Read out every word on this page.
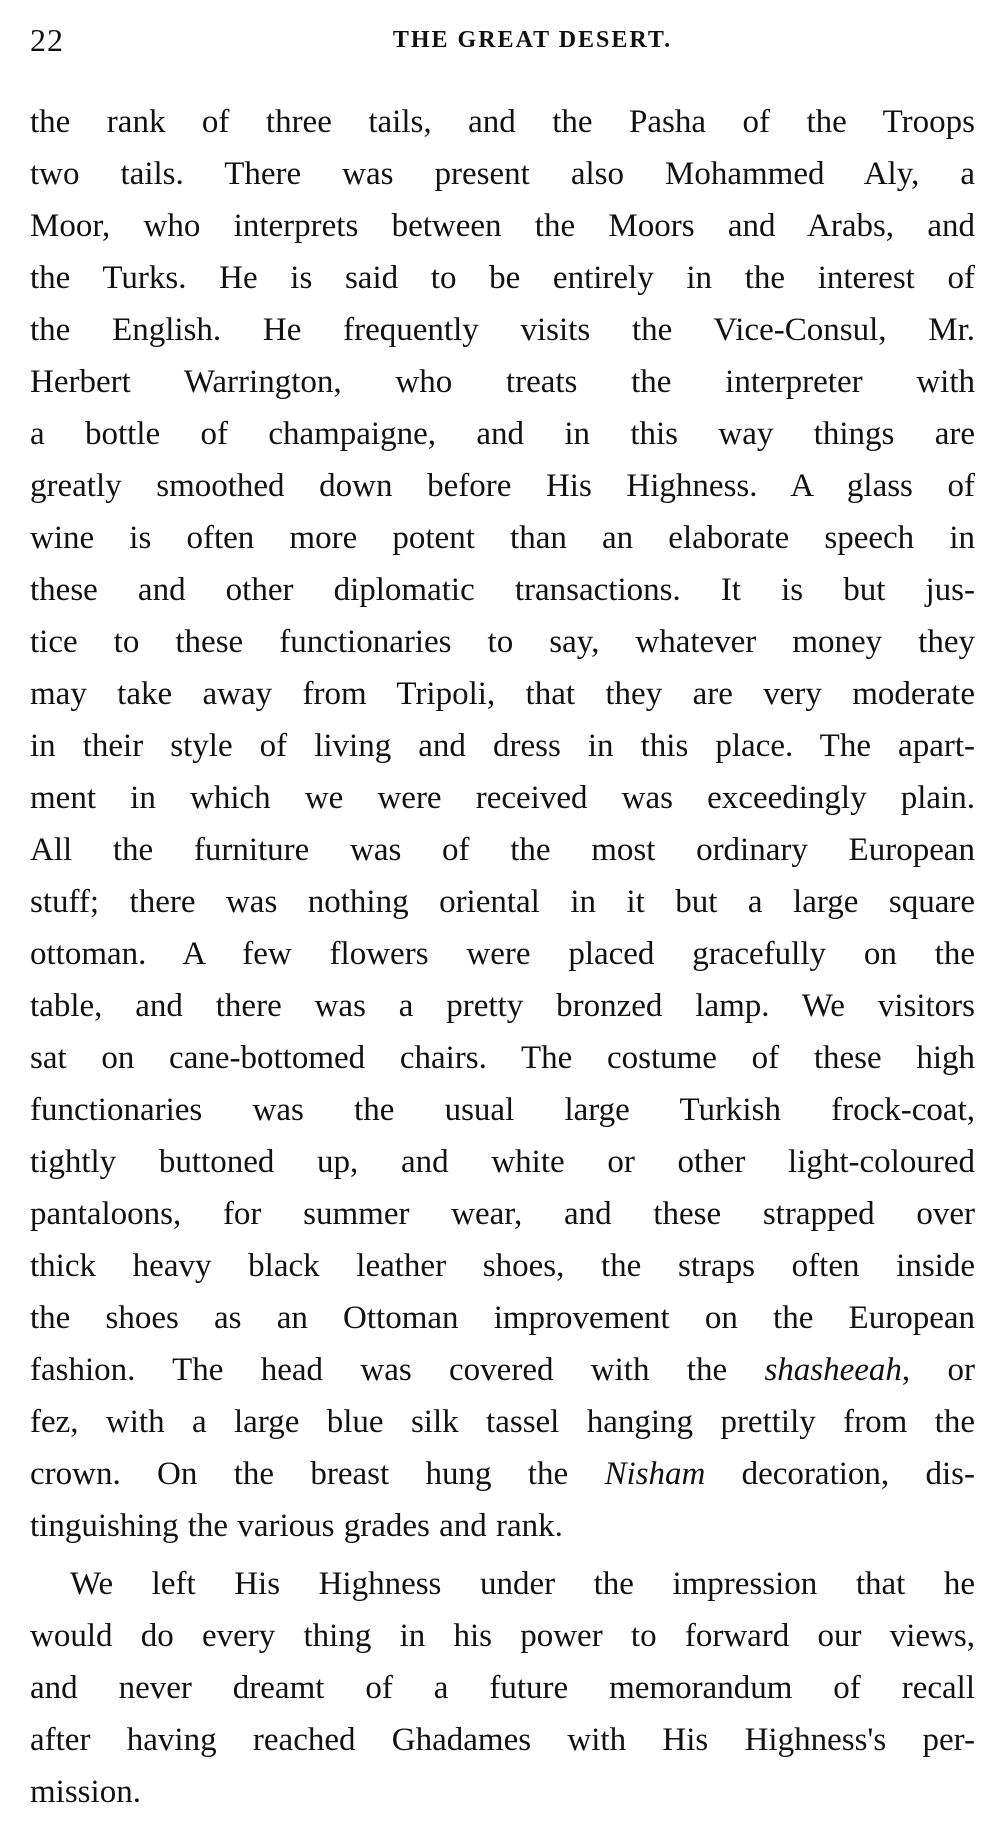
22	THE GREAT DESERT.
the rank of three tails, and the Pasha of the Troops
two tails. There was present also Mohammed Aly, a
Moor, who interprets between the Moors and Arabs, and
the Turks. He is said to be entirely in the interest of
the English. He frequently visits the Vice-Consul, Mr.
Herbert Warrington, who treats the interpreter with
a bottle of champaigne, and in this way things are
greatly smoothed down before His Highness. A glass of
wine is often more potent than an elaborate speech in
these and other diplomatic transactions. It is but jus-
tice to these functionaries to say, whatever money they
may take away from Tripoli, that they are very moderate
in their style of living and dress in this place. The apart-
ment in which we were received was exceedingly plain.
All the furniture was of the most ordinary European
stuff; there was nothing oriental in it but a large square
ottoman. A few flowers were placed gracefully on the
table, and there was a pretty bronzed lamp. We visitors
sat on cane-bottomed chairs. The costume of these high
functionaries was the usual large Turkish frock-coat,
tightly buttoned up, and white or other light-coloured
pantaloons, for summer wear, and these strapped over
thick heavy black leather shoes, the straps often inside
the shoes as an Ottoman improvement on the European
fashion. The head was covered with the shasheeah, or
fez, with a large blue silk tassel hanging prettily from the
crown. On the breast hung the Nisham decoration, dis-
tinguishing the various grades and rank.
We left His Highness under the impression that he
would do every thing in his power to forward our views,
and never dreamt of a future memorandum of recall
after having reached Ghadames with His Highness's per-
mission.
